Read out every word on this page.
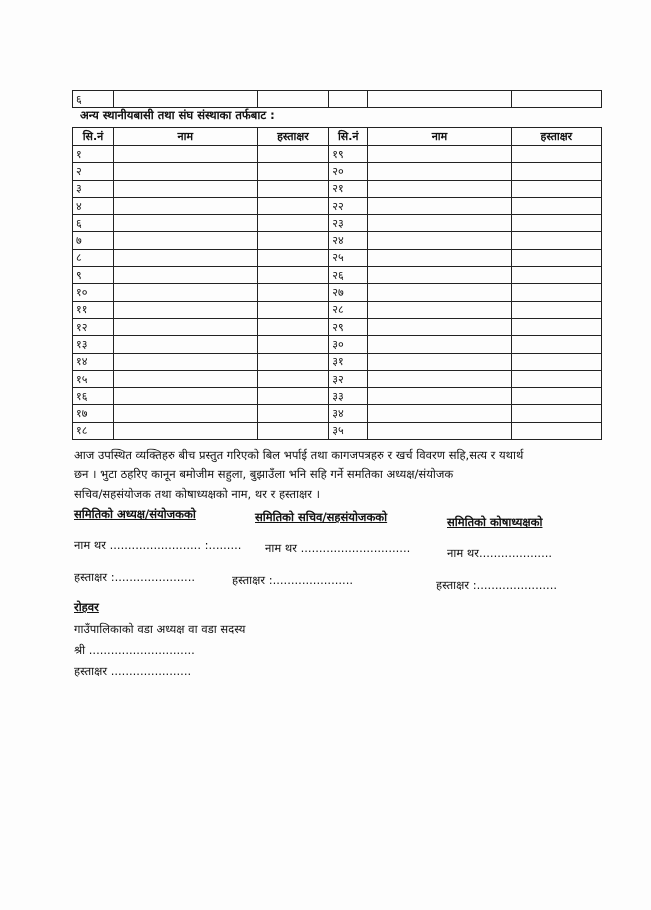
६					
अन्य स्थानीयबासी तथा संघ संस्थाका तर्फबाट :
सि.नं	नाम	हस्ताक्षर	सि.नं	नाम	हस्ताक्षर
१			१९		
२			२०		
३			२१		
४			२२		
६			२३		
७			२४		
८			२५		
९			२६		
१०			२७		
११			२८		
१२			२९		
१३			३०		
१४			३१		
१५			३२		
१६			३३		
१७			३४		
१८			३५		
आज उपस्थित व्यक्तिहरु बीच प्रस्तुत गरिएको बिल भर्पाई तथा कागजपत्रहरु र खर्च विवरण सहि,सत्य र यथार्थ
छन । भुटा ठहरिए कानून बमोजीम सहुला, बुझाउँला भनि सहि गर्ने समतिका अध्यक्ष/संयोजक
सचिव/सहसंयोजक तथा कोषाध्यक्षको नाम, थर र हस्ताक्षर ।
समितिको अध्यक्ष/संयोजकको	समितिको सचिव/सहसंयोजकको	समितिको कोषाध्यक्षको
नाम थर ......................... :......... नाम थर ..............................	नाम थर....................
हस्ताक्षर :......................	हस्ताक्षर :......................	हस्ताक्षर :......................
रोहवर
गाउँपालिकाको वडा अध्यक्ष वा वडा सदस्य
श्री .............................
हस्ताक्षर ......................
